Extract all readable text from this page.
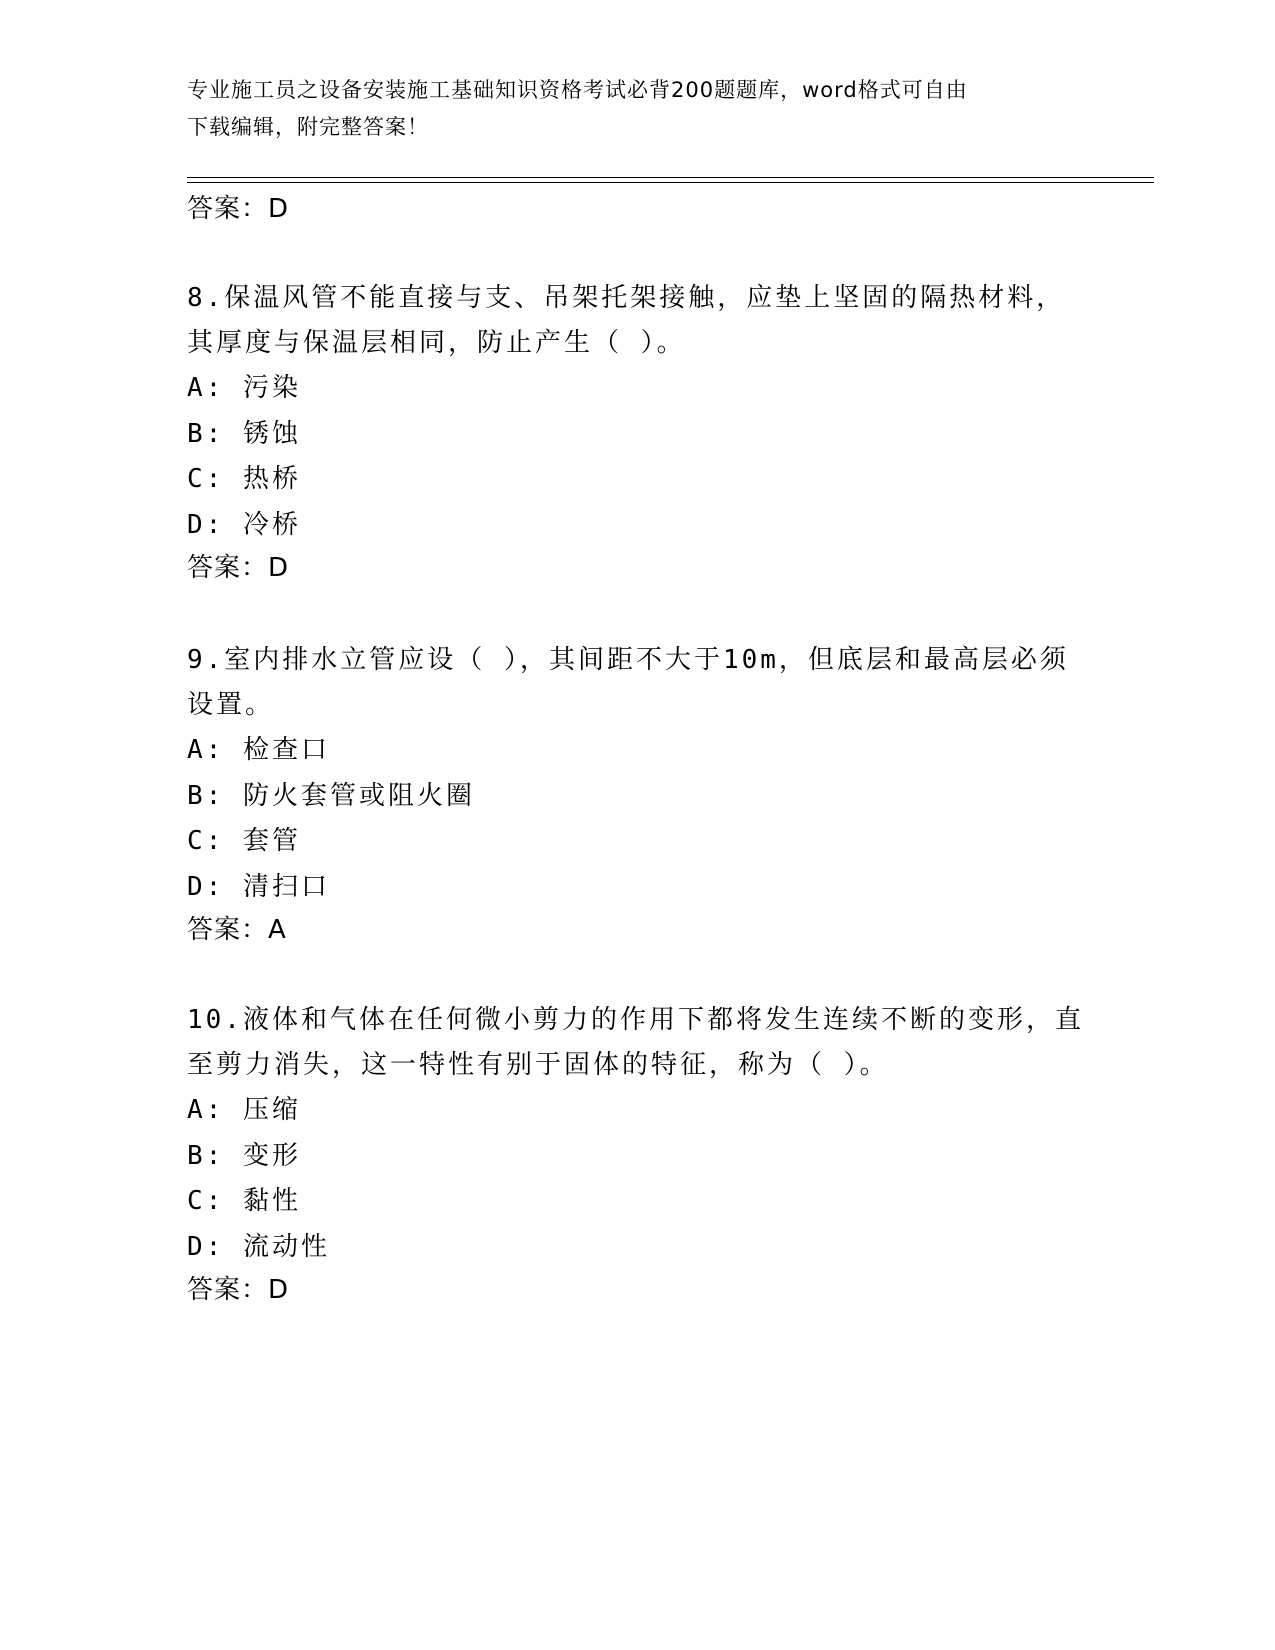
专业施工员之设备安装施工基础知识资格考试必背200题题库，word格式可自由
下载编辑，附完整答案！
答案：D
8.保温风管不能直接与支、吊架托架接触，应垫上坚固的隔热材料，
其厚度与保温层相同，防止产生（ ）。
A: 污染
B: 锈蚀
C: 热桥
D: 冷桥
答案：D
9.室内排水立管应设（ ），其间距不大于10m，但底层和最高层必须
设置。
A: 检查口
B: 防火套管或阻火圈
C: 套管
D: 清扫口
答案：A
10.液体和气体在任何微小剪力的作用下都将发生连续不断的变形，直
至剪力消失，这一特性有别于固体的特征，称为（ ）。
A: 压缩
B: 变形
C: 黏性
D: 流动性
答案：D
